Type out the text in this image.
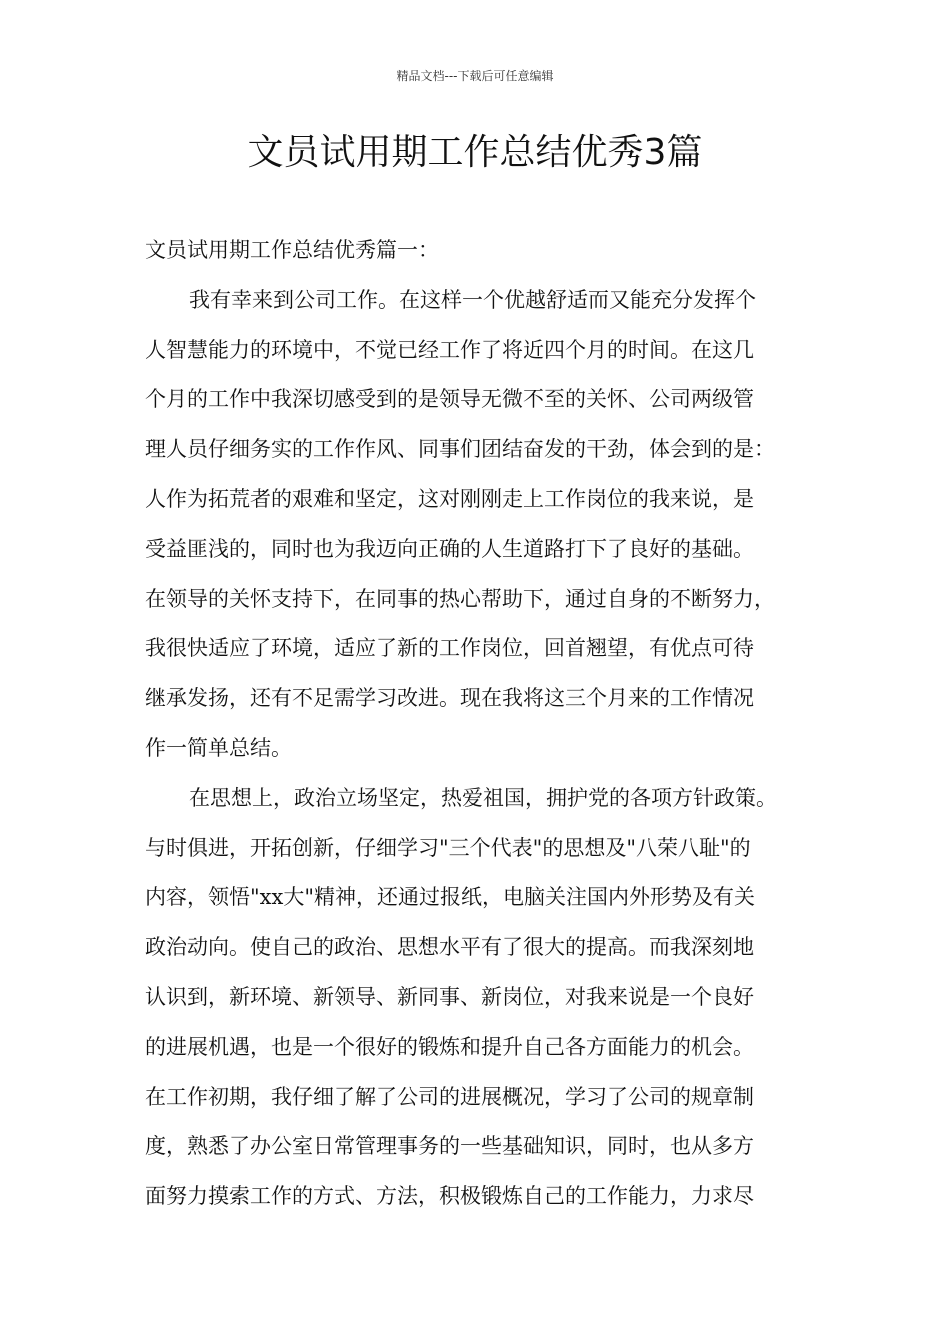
精品文档---下载后可任意编辑
文员试用期工作总结优秀3篇
文员试用期工作总结优秀篇一：
我有幸来到公司工作。在这样一个优越舒适而又能充分发挥个
人智慧能力的环境中，不觉已经工作了将近四个月的时间。在这几
个月的工作中我深切感受到的是领导无微不至的关怀、公司两级管
理人员仔细务实的工作作风、同事们团结奋发的干劲，体会到的是：
人作为拓荒者的艰难和坚定，这对刚刚走上工作岗位的我来说，是
受益匪浅的，同时也为我迈向正确的人生道路打下了良好的基础。
在领导的关怀支持下，在同事的热心帮助下，通过自身的不断努力，
我很快适应了环境，适应了新的工作岗位，回首翘望，有优点可待
继承发扬，还有不足需学习改进。现在我将这三个月来的工作情况
作一简单总结。
在思想上，政治立场坚定，热爱祖国，拥护党的各项方针政策。
与时俱进，开拓创新，仔细学习"三个代表"的思想及"八荣八耻"的
内容，领悟"xx大"精神，还通过报纸，电脑关注国内外形势及有关
政治动向。使自己的政治、思想水平有了很大的提高。而我深刻地
认识到，新环境、新领导、新同事、新岗位，对我来说是一个良好
的进展机遇，也是一个很好的锻炼和提升自己各方面能力的机会。
在工作初期，我仔细了解了公司的进展概况，学习了公司的规章制
度，熟悉了办公室日常管理事务的一些基础知识，同时，也从多方
面努力摸索工作的方式、方法，积极锻炼自己的工作能力，力求尽
